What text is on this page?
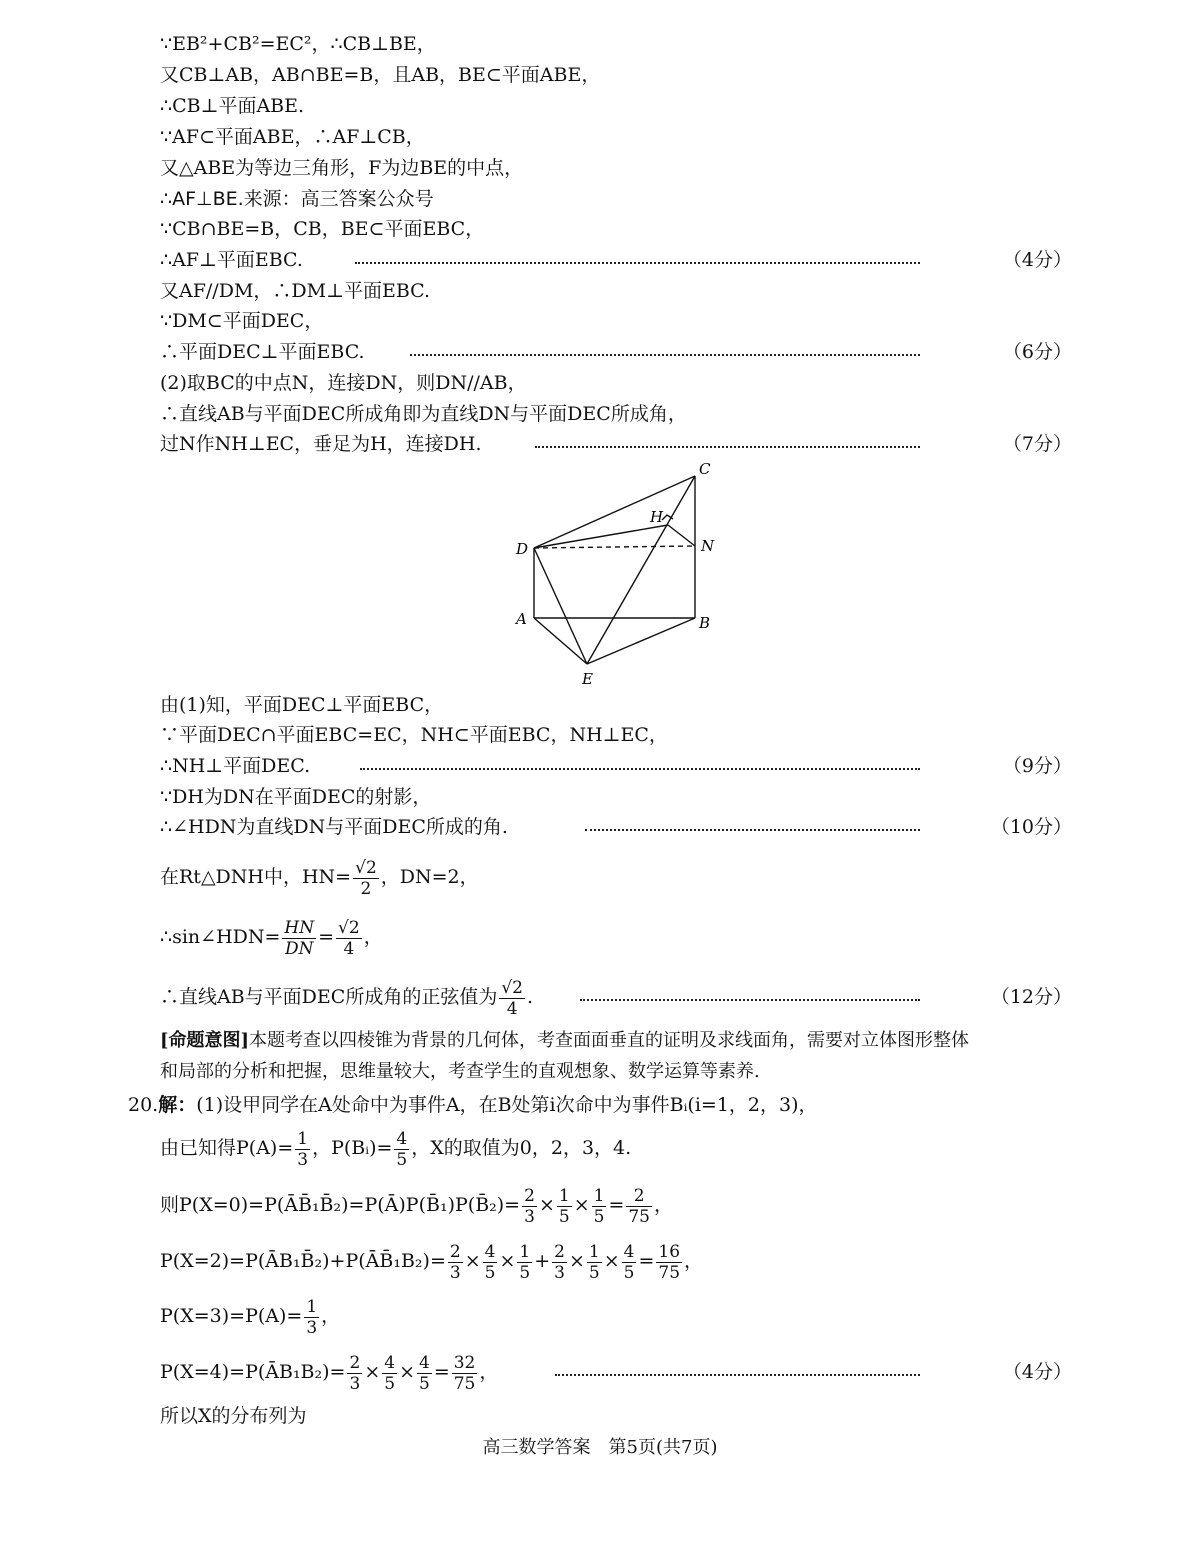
∵EB²+CB²=EC²，∴CB⊥BE，
又CB⊥AB，AB∩BE=B，且AB，BE⊂平面ABE，
∴CB⊥平面ABE.
∵AF⊂平面ABE，∴AF⊥CB，
又△ABE为等边三角形，F为边BE的中点，
∴AF⊥BE.来源：高三答案公众号
∵CB∩BE=B，CB，BE⊂平面EBC，
∴AF⊥平面EBC.	（4分）
又AF//DM，∴DM⊥平面EBC.
∵DM⊂平面DEC，
∴平面DEC⊥平面EBC.	（6分）
(2)取BC的中点N，连接DN，则DN//AB，
∴直线AB与平面DEC所成角即为直线DN与平面DEC所成角，
过N作NH⊥EC，垂足为H，连接DH.	（7分）
C
H
D	N
A	B
E
由(1)知，平面DEC⊥平面EBC，
∵平面DEC∩平面EBC=EC，NH⊂平面EBC，NH⊥EC，
∴NH⊥平面DEC.	（9分）
∵DH为DN在平面DEC的射影，
∴∠HDN为直线DN与平面DEC所成的角.	（10分）
在Rt△DNH中，$HN= \frac{√2}{2}$ ，DN=2，
∴sin∠HDN= $\frac{HN}{DN} = \frac{√2}{4}$ ，
∴直线AB与平面DEC所成角的正弦值为 $\frac{√2}{4}$ .	（12分）
[命题意图]本题考查以四棱锥为背景的几何体，考查面面垂直的证明及求线面角，需要对立体图形整体
和局部的分析和把握，思维量较大，考查学生的直观想象、数学运算等素养.
20.解：(1)设甲同学在A处命中为事件A，在B处第i次命中为事件Bᵢ(i=1，2，3)，
由已知得$P(A)= \frac{1}{3}$ ，P(Bᵢ)= $\frac{4}{5}$ ，X的取值为0，2，3，4.
则P(X=0)=P(ĀB̄₁B̄₂)=P(Ā)P(B̄₁)P(B̄₂)= $\frac{2}{3} \times \frac{1}{5} \times \frac{1}{5} = \frac{2}{75}$ ，
P(X=2)=P(ĀB₁B̄₂)+P(ĀB̄₁B₂)= $\frac{2}{3} \times \frac{4}{5} \times \frac{1}{5} + \frac{2}{3} \times \frac{1}{5} \times \frac{4}{5} = \frac{16}{75}$ ，
$P(X=3)=P(A)= \frac{1}{3}$ ，
P(X=4)=P(ĀB₁B₂)= $\frac{2}{3} \times \frac{4}{5} \times \frac{4}{5} = \frac{32}{75}$ ，	（4分）
所以X的分布列为
高三数学答案　第5页(共7页)
